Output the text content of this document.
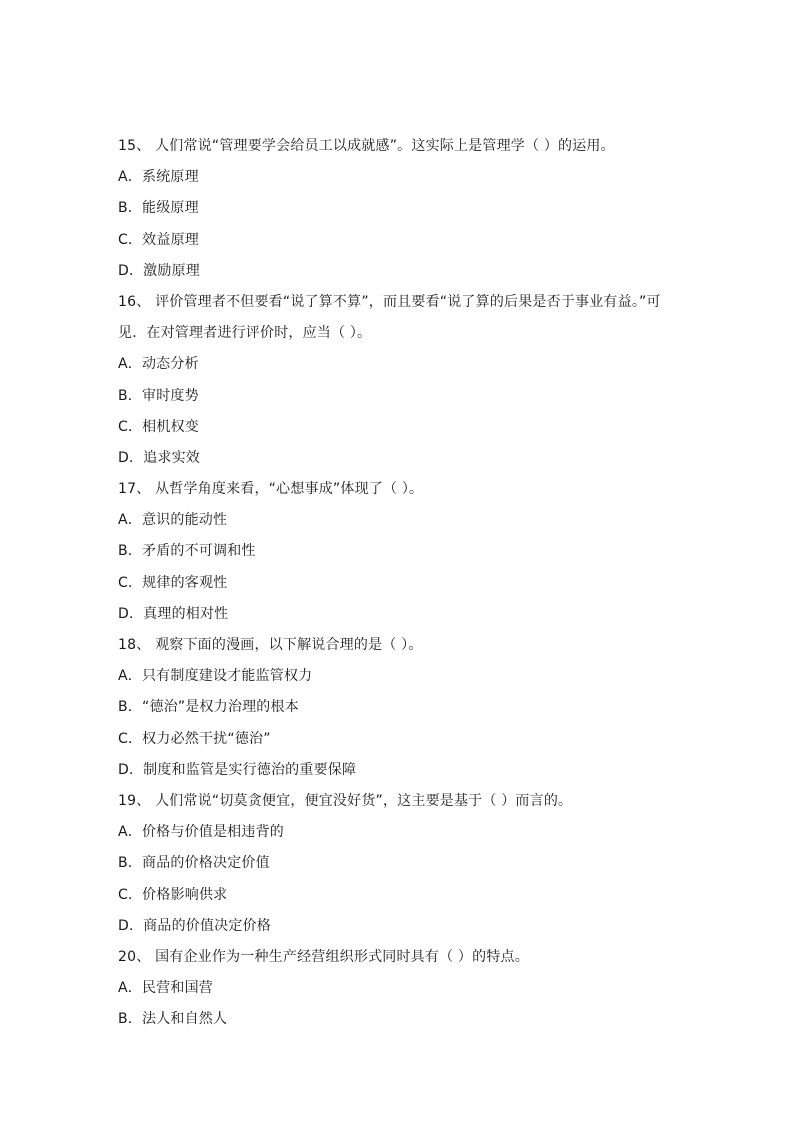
15、 人们常说“管理要学会给员工以成就感”。这实际上是管理学（ ）的运用。
A．系统原理
B．能级原理
C．效益原理
D．激励原理
16、 评价管理者不但要看“说了算不算”，而且要看“说了算的后果是否于事业有益。”可
见．在对管理者进行评价时，应当（ ）。
A．动态分析
B．审时度势
C．相机权变
D．追求实效
17、 从哲学角度来看，“心想事成”体现了（ ）。
A．意识的能动性
B．矛盾的不可调和性
C．规律的客观性
D．真理的相对性
18、 观察下面的漫画，以下解说合理的是（ ）。
A．只有制度建设才能监管权力
B．“德治”是权力治理的根本
C．权力必然干扰“德治”
D．制度和监管是实行德治的重要保障
19、 人们常说“切莫贪便宜，便宜没好货”，这主要是基于（ ）而言的。
A．价格与价值是相违背的
B．商品的价格决定价值
C．价格影响供求
D．商品的价值决定价格
20、 国有企业作为一种生产经营组织形式同时具有（ ）的特点。
A．民营和国营
B．法人和自然人
